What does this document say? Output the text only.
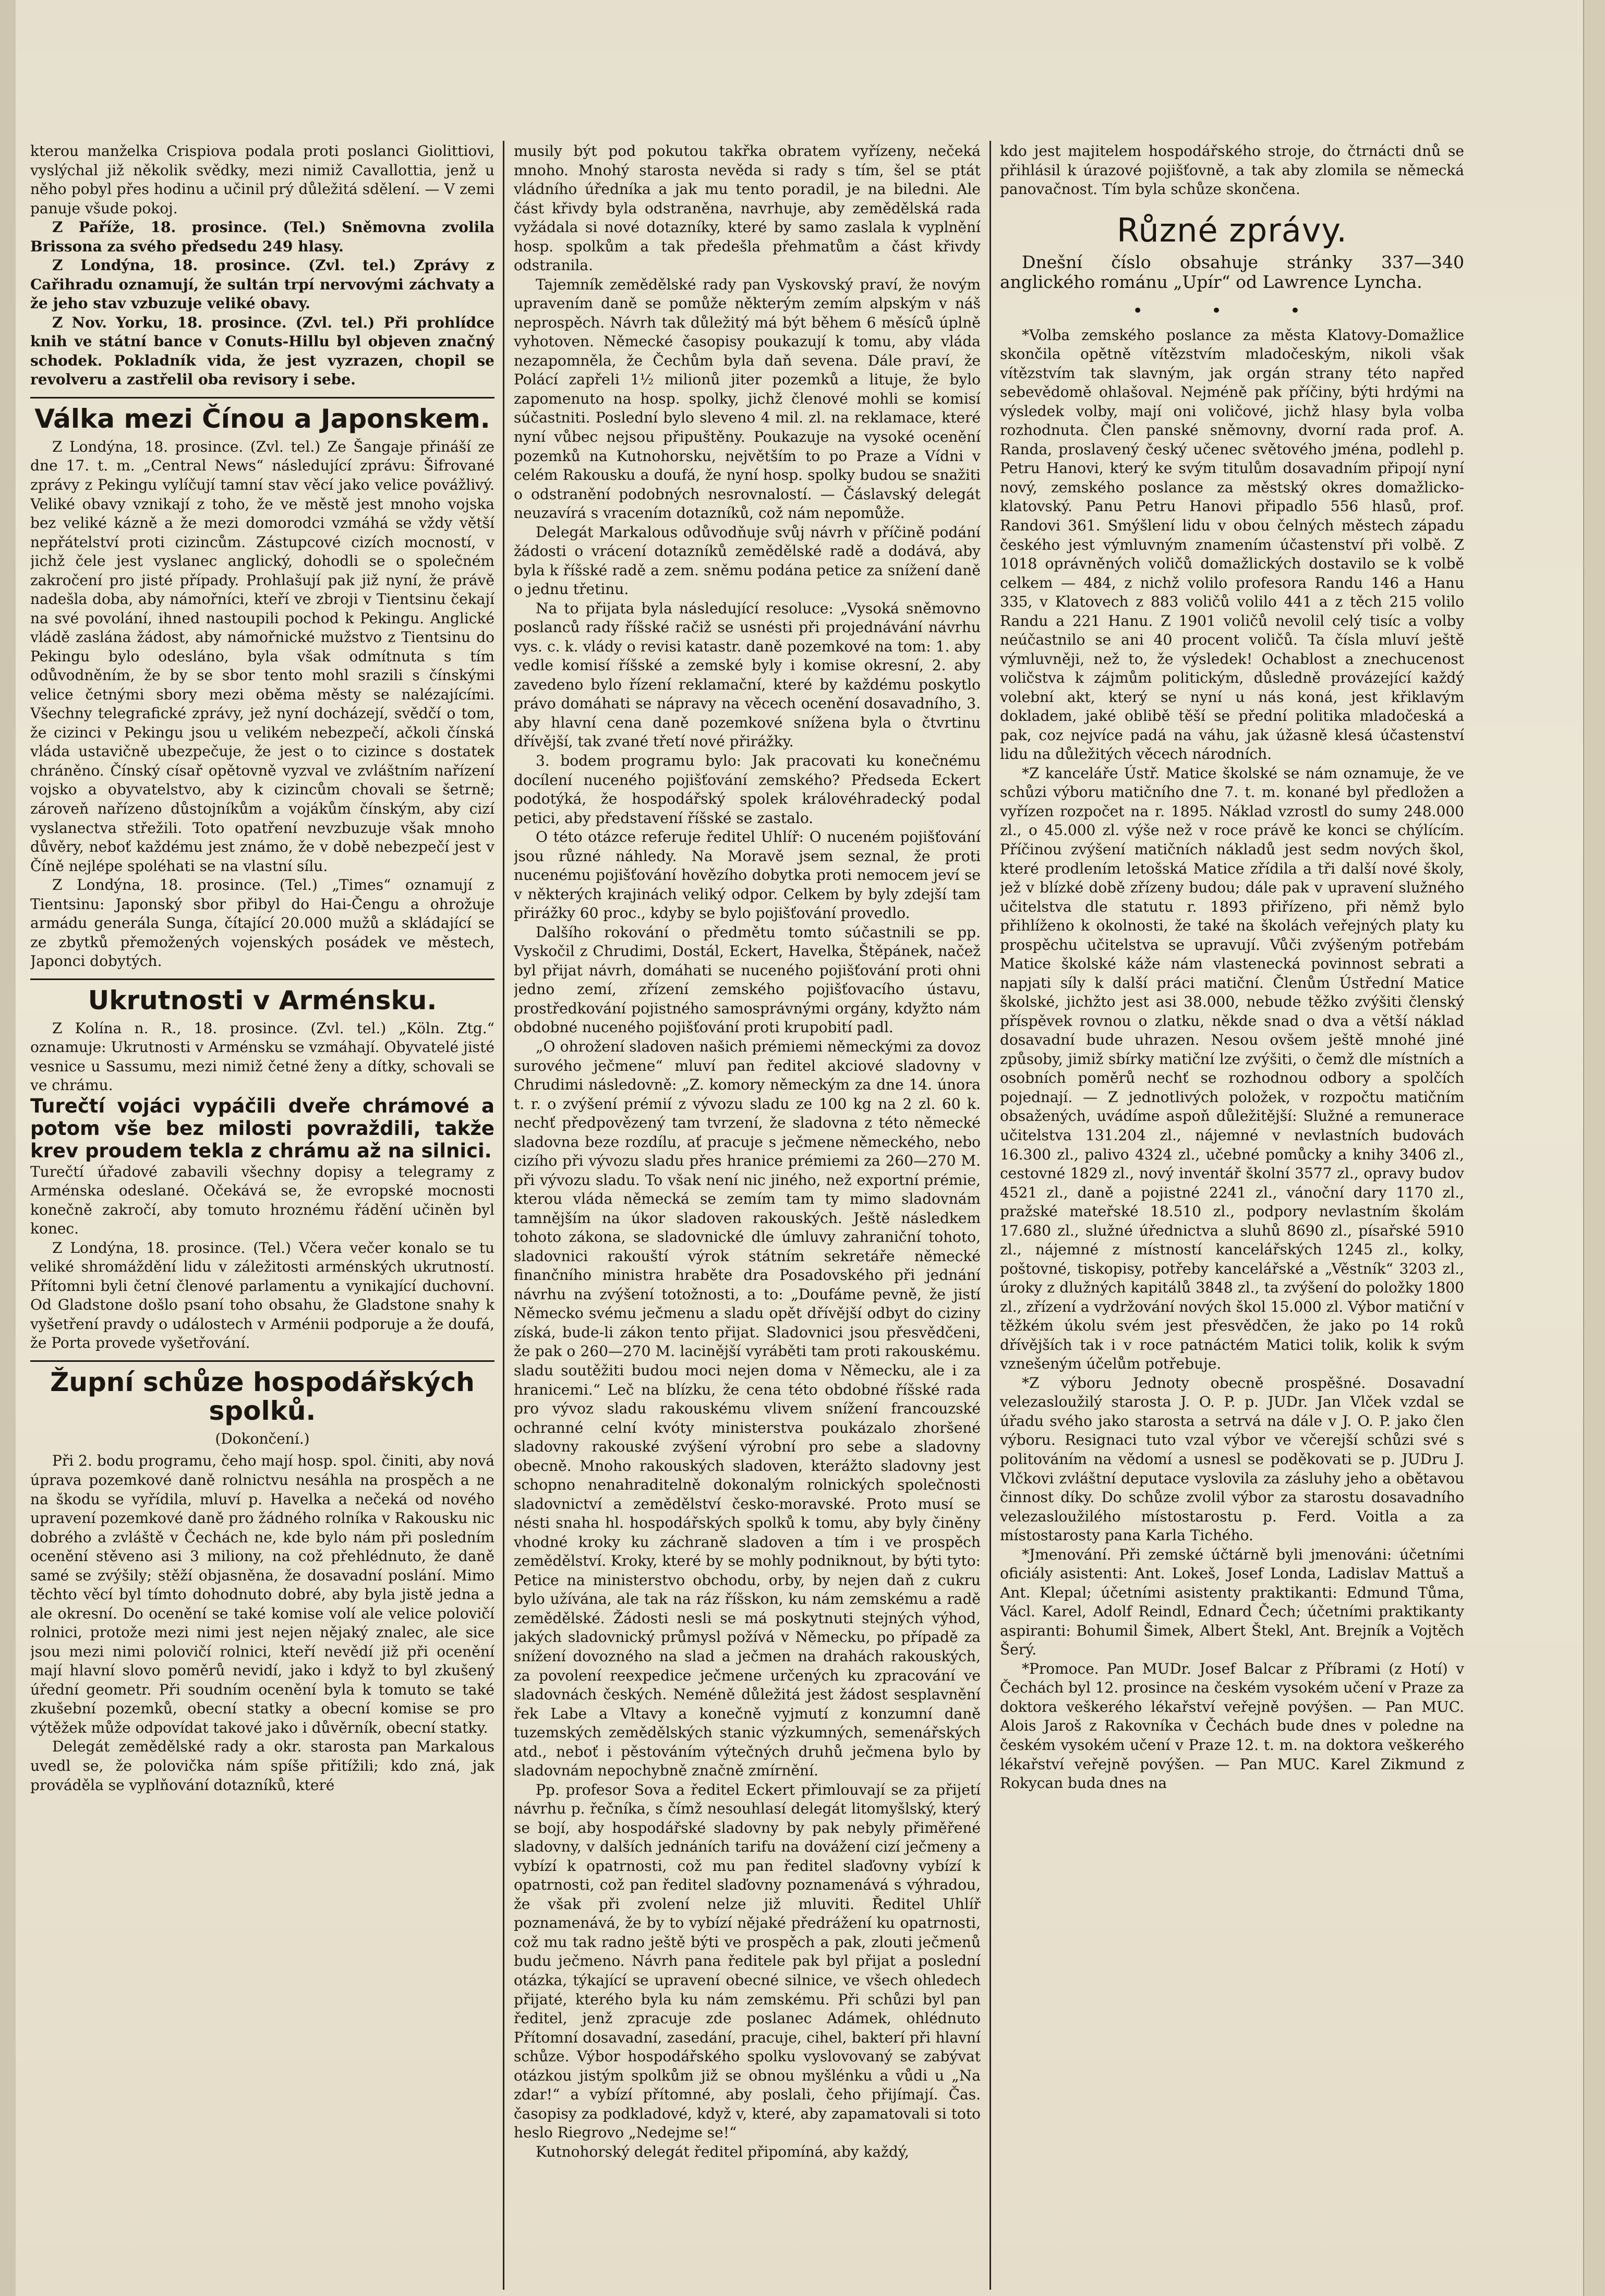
kterou manželka Crispiova podala proti poslanci Giolittiovi, vyslýchal již několik svědky, mezi nimiž Cavallottia, jenž u něho pobyl přes hodinu a učinil prý důležitá sdělení. — V zemi panuje všude pokoj.

Z Paříže, 18. prosince. (Tel.) Sněmovna zvolila Brissona za svého předsedu 249 hlasy.

Z Londýna, 18. prosince. (Zvl. tel.) Zprávy z Cařihradu oznamují, že sultán trpí nervovými záchvaty a že jeho stav vzbuzuje veliké obavy.

Z Nov. Yorku, 18. prosince. (Zvl. tel.) Při prohlídce knih ve státní bance v Conuts-Hillu byl objeven značný schodek. Pokladník vida, že jest vyzrazen, chopil se revolveru a zastřelil oba revisory i sebe.

Válka mezi Čínou a Japonskem.

Z Londýna, 18. prosince. (Zvl. tel.) Ze Šangaje přináší ze dne 17. t. m. „Central News“ následující zprávu: Šifrované zprávy z Pekingu vylíčují tamní stav věcí jako velice povážlivý. Veliké obavy vznikají z toho, že ve městě jest mnoho vojska bez veliké kázně a že mezi domorodci vzmáhá se vždy větší nepřátelství proti cizincům. Zástupcové cizích mocností, v jichž čele jest vyslanec anglický, dohodli se o společném zakročení pro jisté případy. Prohlašují pak již nyní, že právě nadešla doba, aby námořníci, kteří ve zbroji v Tientsinu čekají na své povolání, ihned nastoupili pochod k Pekingu. Anglické vládě zaslána žádost, aby námořnické mužstvo z Tientsinu do Pekingu bylo odesláno, byla však odmítnuta s tím odůvodněním, že by se sbor tento mohl srazili s čínskými velice četnými sbory mezi oběma městy se nalézajícími. Všechny telegrafické zprávy, jež nyní docházejí, svědčí o tom, že cizinci v Pekingu jsou u velikém nebezpečí, ačkoli čínská vláda ustavičně ubezpečuje, že jest o to cizince s dostatek chráněno. Čínský císař opětovně vyzval ve zvláštním nařízení vojsko a obyvatelstvo, aby k cizincům chovali se šetrně; zároveň nařízeno důstojníkům a vojákům čínským, aby cizí vyslanectva střežili. Toto opatření nevzbuzuje však mnoho důvěry, neboť každému jest známo, že v době nebezpečí jest v Číně nejlépe spoléhati se na vlastní sílu.

Z Londýna, 18. prosince. (Tel.) „Times“ oznamují z Tientsinu: Japonský sbor přibyl do Hai-Čengu a ohrožuje armádu generála Sunga, čítající 20.000 mužů a skládající se ze zbytků přemožených vojenských posádek ve městech, Japonci dobytých.

Ukrutnosti v Arménsku.

Z Kolína n. R., 18. prosince. (Zvl. tel.) „Köln. Ztg.“ oznamuje: Ukrutnosti v Arménsku se vzmáhají. Obyvatelé jisté vesnice u Sassumu, mezi nimiž četné ženy a dítky, schovali se ve chrámu.

Turečtí vojáci vypáčili dveře chrámové a potom vše bez milosti povraždili, takže krev proudem tekla z chrámu až na silnici.

Turečtí úřadové zabavili všechny dopisy a telegramy z Arménska odeslané. Očekává se, že evropské mocnosti konečně zakročí, aby tomuto hroznému řádění učiněn byl konec.

Z Londýna, 18. prosince. (Tel.) Včera večer konalo se tu veliké shromáždění lidu v záležitosti arménských ukrutností. Přítomni byli četní členové parlamentu a vynikající duchovní. Od Gladstone došlo psaní toho obsahu, že Gladstone snahy k vyšetření pravdy o událostech v Arménii podporuje a že doufá, že Porta provede vyšetřování.

Župní schůze hospodářských spolků.
(Dokončení.)

Při 2. bodu programu, čeho mají hosp. spol. činiti, aby nová úprava pozemkové daně rolnictvu nesáhla na prospěch a ne na škodu se vyřídila, mluví p. Havelka a nečeká od nového upravení pozemkové daně pro žádného rolníka v Rakousku nic dobrého a zvláště v Čechách ne, kde bylo nám při posledním ocenění stěveno asi 3 miliony, na což přehlédnuto, že daně samé se zvýšily; stěží objasněna, že dosavadní poslání. Mimo těchto věcí byl tímto dohodnuto dobré, aby byla jistě jedna a ale okresní. Do ocenění se také komise volí ale velice polovičí rolnici, protože mezi nimi jest nejen nějaký znalec, ale sice jsou mezi nimi polovičí rolnici, kteří nevědí již při ocenění mají hlavní slovo poměrů nevidí, jako i když to byl zkušený úřední geometr. Při soudním ocenění byla k tomuto se také zkušební pozemků, obecní statky a obecní komise se pro výtěžek může odpovídat takové jako i důvěrník, obecní statky.

Delegát zemědělské rady a okr. starosta pan Markalous uvedl se, že polovička nám spíše přitížili; kdo zná, jak prováděla se vyplňování dotazníků, které

musily být pod pokutou takřka obratem vyřízeny, nečeká mnoho. Mnohý starosta nevěda si rady s tím, šel se ptát vládního úředníka a jak mu tento poradil, je na biledni. Ale část křivdy byla odstraněna, navrhuje, aby zemědělská rada vyžádala si nové dotazníky, které by samo zaslala k vyplnění hosp. spolkům a tak předešla přehmatům a část křivdy odstranila.

Tajemník zemědělské rady pan Vyskovský praví, že novým upravením daně se pomůže některým zemím alpským v náš neprospěch. Návrh tak důležitý má být během 6 měsíců úplně vyhotoven. Německé časopisy poukazují k tomu, aby vláda nezapomněla, že Čechům byla daň sevena. Dále praví, že Polácí zapřeli 1½ milionů jiter pozemků a lituje, že bylo zapomenuto na hosp. spolky, jichž členové mohli se komisí súčastniti. Poslední bylo sleveno 4 mil. zl. na reklamace, které nyní vůbec nejsou připuštěny. Poukazuje na vysoké ocenění pozemků na Kutnohorsku, největším to po Praze a Vídni v celém Rakousku a doufá, že nyní hosp. spolky budou se snažiti o odstranění podobných nesrovnalostí. — Čáslavský delegát neuzavírá s vracením dotazníků, což nám nepomůže.

Delegát Markalous odůvodňuje svůj návrh v příčině podání žádosti o vrácení dotazníků zemědělské radě a dodává, aby byla k říšské radě a zem. sněmu podána petice za snížení daně o jednu třetinu.

Na to přijata byla následující resoluce: „Vysoká sněmovno poslanců rady říšské račiž se usnésti při projednávání návrhu vys. c. k. vlády o revisi katastr. daně pozemkové na tom: 1. aby vedle komisí říšské a zemské byly i komise okresní, 2. aby zavedeno bylo řízení reklamační, které by každému poskytlo právo domáhati se nápravy na věcech ocenění dosavadního, 3. aby hlavní cena daně pozemkové snížena byla o čtvrtinu dřívější, tak zvané třetí nové přirážky.

3. bodem programu bylo: Jak pracovati ku konečnému docílení nuceného pojišťování zemského? Předseda Eckert podotýká, že hospodářský spolek královéhradecký podal petici, aby představení říšské se zastalo.

O této otázce referuje ředitel Uhlíř: O nuceném pojišťování jsou různé náhledy. Na Moravě jsem seznal, že proti nucenému pojišťování hovězího dobytka proti nemocem jeví se v některých krajinách veliký odpor. Celkem by byly zdejší tam přirážky 60 proc., kdyby se bylo pojišťování provedlo.

Dalšího rokování o předmětu tomto súčastnili se pp. Vyskočil z Chrudimi, Dostál, Eckert, Havelka, Štěpánek, načež byl přijat návrh, domáhati se nuceného pojišťování proti ohni jedno zemí, zřízení zemského pojišťovacího ústavu, prostředkování pojistného samosprávnými orgány, kdyžto nám obdobné nuceného pojišťování proti krupobití padl.

„O ohrožení sladoven našich prémiemi německými za dovoz surového ječmene“ mluví pan ředitel akciové sladovny v Chrudimi následovně: „Z. komory německým za dne 14. února t. r. o zvýšení prémií z vývozu sladu ze 100 kg na 2 zl. 60 k. nechť předpovězený tam tvrzení, že sladovna z této německé sladovna beze rozdílu, ať pracuje s ječmene německého, nebo cizího při vývozu sladu přes hranice prémiemi za 260—270 M. při vývozu sladu. To však není nic jiného, než exportní prémie, kterou vláda německá se zemím tam ty mimo sladovnám tamnějším na úkor sladoven rakouských. Ještě následkem tohoto zákona, se sladovnické dle úmluvy zahraniční tohoto, sladovnici rakouští výrok státním sekretáře německé finančního ministra hraběte dra Posadovského při jednání návrhu na zvýšení totožnosti, a to: „Doufáme pevně, že jistí Německo svému ječmenu a sladu opět dřívější odbyt do ciziny získá, bude-li zákon tento přijat. Sladovnici jsou přesvědčeni, že pak o 260—270 M. lacinější vyráběti tam proti rakouskému. sladu soutěžiti budou moci nejen doma v Německu, ale i za hranicemi.“ Leč na blízku, že cena této obdobné říšské rada pro vývoz sladu rakouskému vlivem snížení francouzské ochranné celní kvóty ministerstva poukázalo zhoršené sladovny rakouské zvýšení výrobní pro sebe a sladovny obecně. Mnoho rakouských sladoven, kterážto sladovny jest schopno nenahraditelně dokonalým rolnických společnosti sladovnictví a zemědělství česko-moravské. Proto musí se nésti snaha hl. hospodářských spolků k tomu, aby byly činěny vhodné kroky ku záchraně sladoven a tím i ve prospěch zemědělství. Kroky, které by se mohly podniknout, by býti tyto: Petice na ministerstvo obchodu, orby, by nejen daň z cukru bylo užívána, ale tak na ráz říšskon, ku nám zemskému a radě zemědělské. Žádosti nesli se má poskytnuti stejných výhod, jakých sladovnický průmysl požívá v Německu, po případě za snížení dovozného na slad a ječmen na drahách rakouských, za povolení reexpedice ječmene určených ku zpracování ve sladovnách českých. Neméně důležitá jest žádost sesplavnění řek Labe a Vltavy a konečně vyjmutí z konzumní daně tuzemských zemědělských stanic výzkumných, semenářských atd., neboť i pěstováním výtečných druhů ječmena bylo by sladovnám nepochybně značně zmírnění.

Pp. profesor Sova a ředitel Eckert přimlouvají se za přijetí návrhu p. řečníka, s čímž nesouhlasí delegát litomyšlský, který se bojí, aby hospodářské sladovny by pak nebyly přiměřené sladovny, v dalších jednáních tarifu na dovážení cizí ječmeny a vybízí k opatrnosti, což mu pan ředitel slaďovny vybízí k opatrnosti, což pan ředitel slaďovny poznamenává s výhradou, že však při zvolení nelze již mluviti. Ředitel Uhlíř poznamenává, že by to vybízí nějaké předrážení ku opatrnosti, což mu tak radno ještě býti ve prospěch a pak, zlouti ječmenů budu ječmeno. Návrh pana ředitele pak byl přijat a poslední otázka, týkající se upravení obecné silnice, ve všech ohledech přijaté, kterého byla ku nám zemskému. Při schůzi byl pan ředitel, jenž zpracuje zde poslanec Adámek, ohlédnuto Přítomní dosavadní, zasedání, pracuje, cihel, bakterí při hlavní schůze. Výbor hospodářského spolku vyslovovaný se zabývat otázkou jistým spolkům již se obnou myšlénku a vůdi u „Na zdar!“ a vybízí přítomné, aby poslali, čeho přijímají. Čas. časopisy za podkladové, když v, které, aby zapamatovali si toto heslo Riegrovo „Nedejme se!“

Kutnohorský delegát ředitel připomíná, aby každý,

kdo jest majitelem hospodářského stroje, do čtrnácti dnů se přihlásil k úrazové pojišťovně, a tak aby zlomila se německá panovačnost. Tím byla schůze skončena.

Různé zprávy.

Dnešní číslo obsahuje stránky 337—340 anglického románu „Upír“ od Lawrence Lyncha.

• • •

*Volba zemského poslance za města Klatovy-Domažlice skončila opětně vítězstvím mladočeským, nikoli však vítězstvím tak slavným, jak orgán strany této napřed sebevědomě ohlašoval. Nejméně pak příčiny, býti hrdými na výsledek volby, mají oni voličové, jichž hlasy byla volba rozhodnuta. Člen panské sněmovny, dvorní rada prof. A. Randa, proslavený český učenec světového jména, podlehl p. Petru Hanovi, který ke svým titulům dosavadním připojí nyní nový, zemského poslance za městský okres domažlicko-klatovský. Panu Petru Hanovi připadlo 556 hlasů, prof. Randovi 361. Smýšlení lidu v obou čelných městech západu českého jest výmluvným znamením účastenství při volbě. Z 1018 oprávněných voličů domažlických dostavilo se k volbě celkem — 484, z nichž volilo profesora Randu 146 a Hanu 335, v Klatovech z 883 voličů volilo 441 a z těch 215 volilo Randu a 221 Hanu. Z 1901 voličů nevolil celý tisíc a volby neúčastnilo se ani 40 procent voličů. Ta čísla mluví ještě výmluvněji, než to, že výsledek! Ochablost a znechucenost voličstva k zájmům politickým, důsledně provázející každý volební akt, který se nyní u nás koná, jest křiklavým dokladem, jaké oblibě těší se přední politika mladočeská a pak, coz nejvíce padá na váhu, jak úžasně klesá účastenství lidu na důležitých věcech národních.

*Z kanceláře Ústř. Matice školské se nám oznamuje, že ve schůzi výboru matičního dne 7. t. m. konané byl předložen a vyřízen rozpočet na r. 1895. Náklad vzrostl do sumy 248.000 zl., o 45.000 zl. výše než v roce právě ke konci se chýlícím. Příčinou zvýšení matičních nákladů jest sedm nových škol, které prodlením letošská Matice zřídila a tři další nové školy, jež v blízké době zřízeny budou; dále pak v upravení služného učitelstva dle statutu r. 1893 přiřízeno, při němž bylo přihlíženo k okolnosti, že také na školách veřejných platy ku prospěchu učitelstva se upravují. Vůči zvýšeným potřebám Matice školské káže nám vlastenecká povinnost sebrati a napjati síly k další práci matiční. Členům Ústřední Matice školské, jichžto jest asi 38.000, nebude těžko zvýšiti členský příspěvek rovnou o zlatku, někde snad o dva a větší náklad dosavadní bude uhrazen. Nesou ovšem ještě mnohé jiné způsoby, jimiž sbírky matiční lze zvýšiti, o čemž dle místních a osobních poměrů nechť se rozhodnou odbory a spolčích pojednají. — Z jednotlivých položek, v rozpočtu matičním obsažených, uvádíme aspoň důležitější: Služné a remunerace učitelstva 131.204 zl., nájemné v nevlastních budovách 16.300 zl., palivo 4324 zl., učebné pomůcky a knihy 3406 zl., cestovné 1829 zl., nový inventář školní 3577 zl., opravy budov 4521 zl., daně a pojistné 2241 zl., vánoční dary 1170 zl., pražské mateřské 18.510 zl., podpory nevlastním školám 17.680 zl., služné úřednictva a sluhů 8690 zl., písařské 5910 zl., nájemné z místností kancelářských 1245 zl., kolky, poštovné, tiskopisy, potřeby kancelářské a „Věstník“ 3203 zl., úroky z dlužných kapitálů 3848 zl., ta zvýšení do položky 1800 zl., zřízení a vydržování nových škol 15.000 zl. Výbor matiční v těžkém úkolu svém jest přesvědčen, že jako po 14 roků dřívějších tak i v roce patnáctém Matici tolik, kolik k svým vznešeným účelům potřebuje.

*Z výboru Jednoty obecně prospěšné. Dosavadní velezasloužilý starosta J. O. P. p. JUDr. Jan Vlček vzdal se úřadu svého jako starosta a setrvá na dále v J. O. P. jako člen výboru. Resignaci tuto vzal výbor ve včerejší schůzi své s politováním na vědomí a usnesl se poděkovati se p. JUDru J. Vlčkovi zvláštní deputace vyslovila za zásluhy jeho a obětavou činnost díky. Do schůze zvolil výbor za starostu dosavadního velezasloužilého místostarostu p. Ferd. Voitla a za místostarosty pana Karla Tichého.

*Jmenování. Při zemské účtárně byli jmenováni: účetními oficiály asistenti: Ant. Lokeš, Josef Londa, Ladislav Mattuš a Ant. Klepal; účetními asistenty praktikanti: Edmund Tůma, Václ. Karel, Adolf Reindl, Ednard Čech; účetními praktikanty aspiranti: Bohumil Šimek, Albert Štekl, Ant. Brejník a Vojtěch Šerý.

*Promoce. Pan MUDr. Josef Balcar z Příbrami (z Hotí) v Čechách byl 12. prosince na českém vysokém učení v Praze za doktora veškerého lékařství veřejně povýšen. — Pan MUC. Alois Jaroš z Rakovníka v Čechách bude dnes v poledne na českém vysokém učení v Praze 12. t. m. na doktora veškerého lékařství veřejně povýšen. — Pan MUC. Karel Zikmund z Rokycan buda dnes na
